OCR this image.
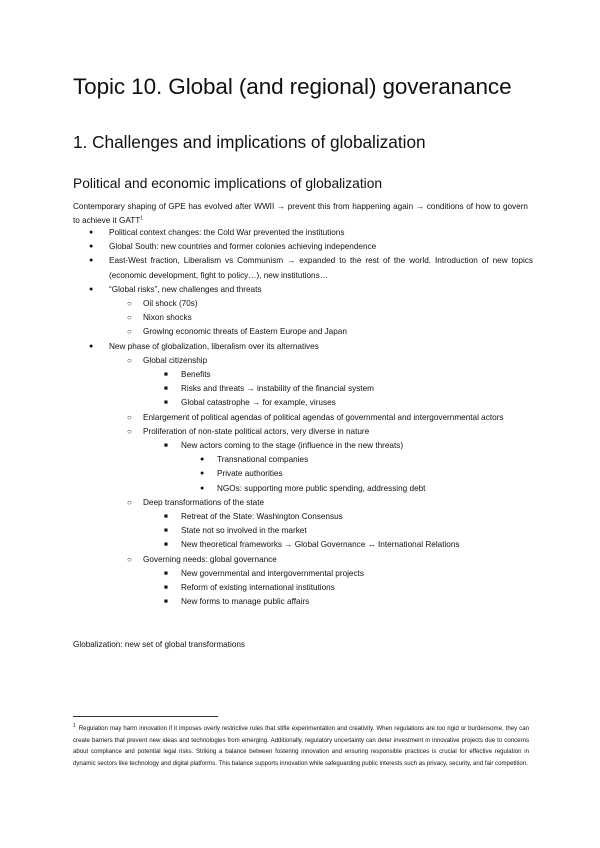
Topic 10. Global (and regional) goveranance
1. Challenges and implications of globalization
Political and economic implications of globalization

Contemporary shaping of GPE has evolved after WWII → prevent this from happening again → conditions of how to govern to achieve it GATT$^1$

● Political context changes: the Cold War prevented the institutions
● Global South: new countries and former colonies achieving independence
● East-West fraction, Liberalism vs Communism → expanded to the rest of the world. Introduction of new topics (economic development, fight to policy…), new institutions…
● “Global risks”, new challenges and threats
○ Oil shock (70s)
○ Nixon shocks
○ Growing economic threats of Eastern Europe and Japan
● New phase of globalization, liberalism over its alternatives
○ Global citizenship
■ Benefits
■ Risks and threats → instability of the financial system
■ Global catastrophe → for example, viruses
○ Enlargement of political agendas of political agendas of governmental and intergovernmental actors
○ Proliferation of non-state political actors, very diverse in nature
■ New actors coming to the stage (influence in the new threats)
● Transnational companies
● Private authorities
● NGOs: supporting more public spending, addressing debt
○ Deep transformations of the state
■ Retreat of the State: Washington Consensus
■ State not so involved in the market
■ New theoretical frameworks → Global Governance ↔ International Relations
○ Governing needs: global governance
■ New governmental and intergovernmental projects
■ Reform of existing international institutions
■ New forms to manage public affairs

Globalization: new set of global transformations

$^1$ Regulation may harm innovation if it imposes overly restrictive rules that stifle experimentation and creativity. When regulations are too rigid or burdensome, they can create barriers that prevent new ideas and technologies from emerging. Additionally, regulatory uncertainty can deter investment in innovative projects due to concerns about compliance and potential legal risks. Striking a balance between fostering innovation and ensuring responsible practices is crucial for effective regulation in dynamic sectors like technology and digital platforms. This balance supports innovation while safeguarding public interests such as privacy, security, and fair competition.
